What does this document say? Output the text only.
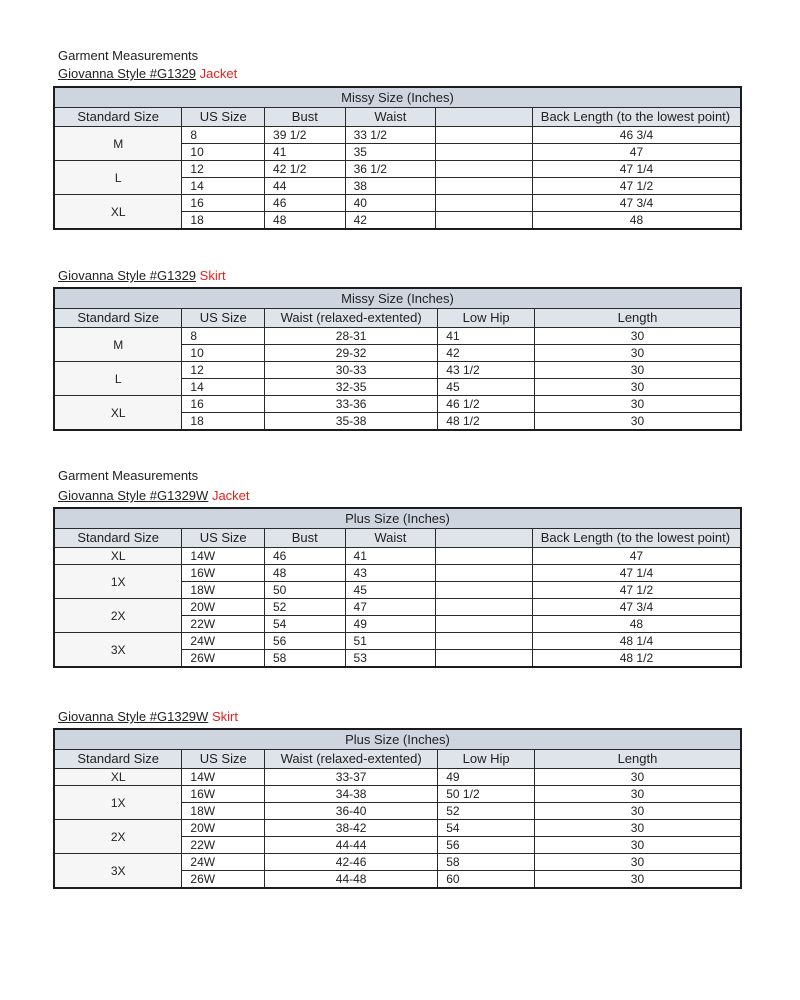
Garment Measurements
Giovanna Style #G1329 Jacket
Missy Size (Inches)					
Standard Size	US Size	Bust	Waist		Back Length (to the lowest point)
M	8	39 1/2	33 1/2		46 3/4
	10	41	35		47
L	12	42 1/2	36 1/2		47 1/4
	14	44	38		47 1/2
XL	16	46	40		47 3/4
	18	48	42		48
Giovanna Style #G1329 Skirt
Missy Size (Inches)				
Standard Size	US Size	Waist (relaxed-extented)	Low Hip	Length
M	8	28-31	41	30
	10	29-32	42	30
L	12	30-33	43 1/2	30
	14	32-35	45	30
XL	16	33-36	46 1/2	30
	18	35-38	48 1/2	30
Garment Measurements
Giovanna Style #G1329W Jacket
Plus Size (Inches)					
Standard Size	US Size	Bust	Waist		Back Length (to the lowest point)
XL	14W	46	41		47
1X	16W	48	43		47 1/4
	18W	50	45		47 1/2
2X	20W	52	47		47 3/4
	22W	54	49		48
3X	24W	56	51		48 1/4
	26W	58	53		48 1/2
Giovanna Style #G1329W Skirt
Plus Size (Inches)				
Standard Size	US Size	Waist (relaxed-extented)	Low Hip	Length
XL	14W	33-37	49	30
1X	16W	34-38	50 1/2	30
	18W	36-40	52	30
2X	20W	38-42	54	30
	22W	44-44	56	30
3X	24W	42-46	58	30
	26W	44-48	60	30
